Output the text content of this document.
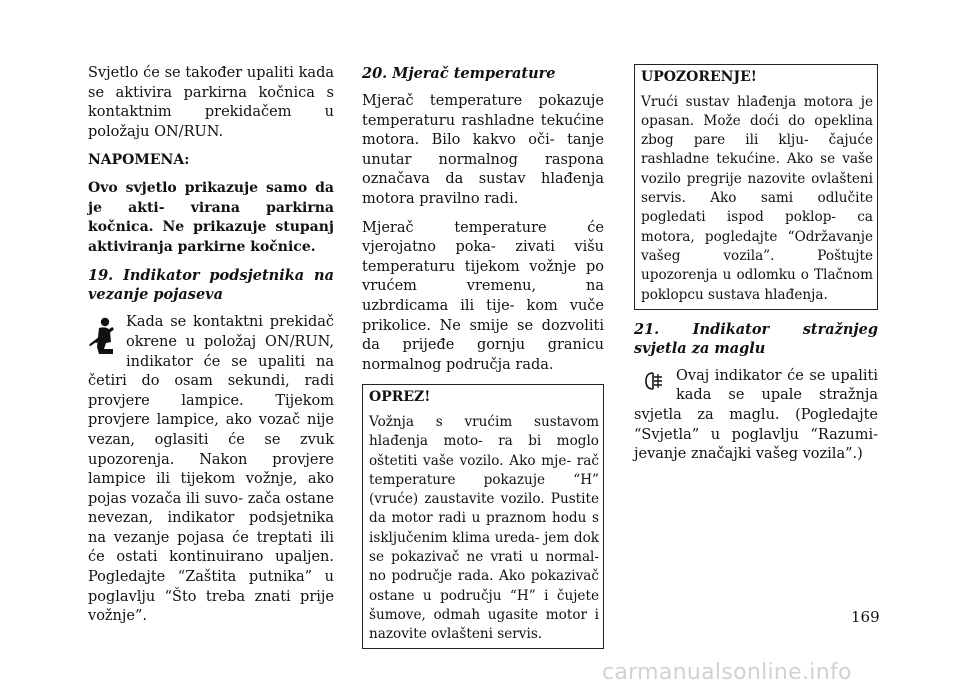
Svjetlo će se također upaliti kada se aktivira parkirna kočnica s kontaktnim prekidačem u položaju ON/RUN.

NAPOMENA:

Ovo svjetlo prikazuje samo da je akti- virana parkirna kočnica. Ne prikazuje stupanj aktiviranja parkirne kočnice.

19. Indikator podsjetnika na vezanje pojaseva

Kada se kontaktni prekidač okrene u položaj ON/RUN, indikator će se upaliti na četiri do osam sekundi, radi provjere lampice. Tijekom provjere lampice, ako vozač nije vezan, oglasiti će se zvuk upozorenja. Nakon provjere lampice ili tijekom vožnje, ako pojas vozača ili suvo- zača ostane nevezan, indikator podsjetnika na vezanje pojasa će treptati ili će ostati kontinuirano upaljen. Pogledajte “Zaštita putnika” u poglavlju “Što treba znati prije vožnje”.

20. Mjerač temperature

Mjerač temperature pokazuje temperaturu rashladne tekućine motora. Bilo kakvo oči- tanje unutar normalnog raspona označava da sustav hlađenja motora pravilno radi.

Mjerač temperature će vjerojatno poka- zivati višu temperaturu tijekom vožnje po vrućem vremenu, na uzbrdicama ili tije- kom vuče prikolice. Ne smije se dozvoliti da prijeđe gornju granicu normalnog područja rada.

OPREZ!

Vožnja s vrućim sustavom hlađenja moto- ra bi moglo oštetiti vaše vozilo. Ako mje- rač temperature pokazuje “H” (vruće) zaustavite vozilo. Pustite da motor radi u praznom hodu s isključenim klima ureda- jem dok se pokazivač ne vrati u normal- no područje rada. Ako pokazivač ostane u području “H” i čujete šumove, odmah ugasite motor i nazovite ovlašteni servis.

UPOZORENJE!

Vrući sustav hlađenja motora je opasan. Može doći do opeklina zbog pare ili klju- čajuće rashladne tekućine. Ako se vaše vozilo pregrije nazovite ovlašteni servis. Ako sami odlučite pogledati ispod poklop- ca motora, pogledajte “Održavanje vašeg vozila”. Poštujte upozorenja u odlomku o Tlačnom poklopcu sustava hlađenja.

21. Indikator stražnjeg svjetla za maglu

Ovaj indikator će se upaliti kada se upale stražnja svjetla za maglu. (Pogledajte “Svjetla” u poglavlju “Razumi- jevanje značajki vašeg vozila”.)

169
carmanualsonline.info
